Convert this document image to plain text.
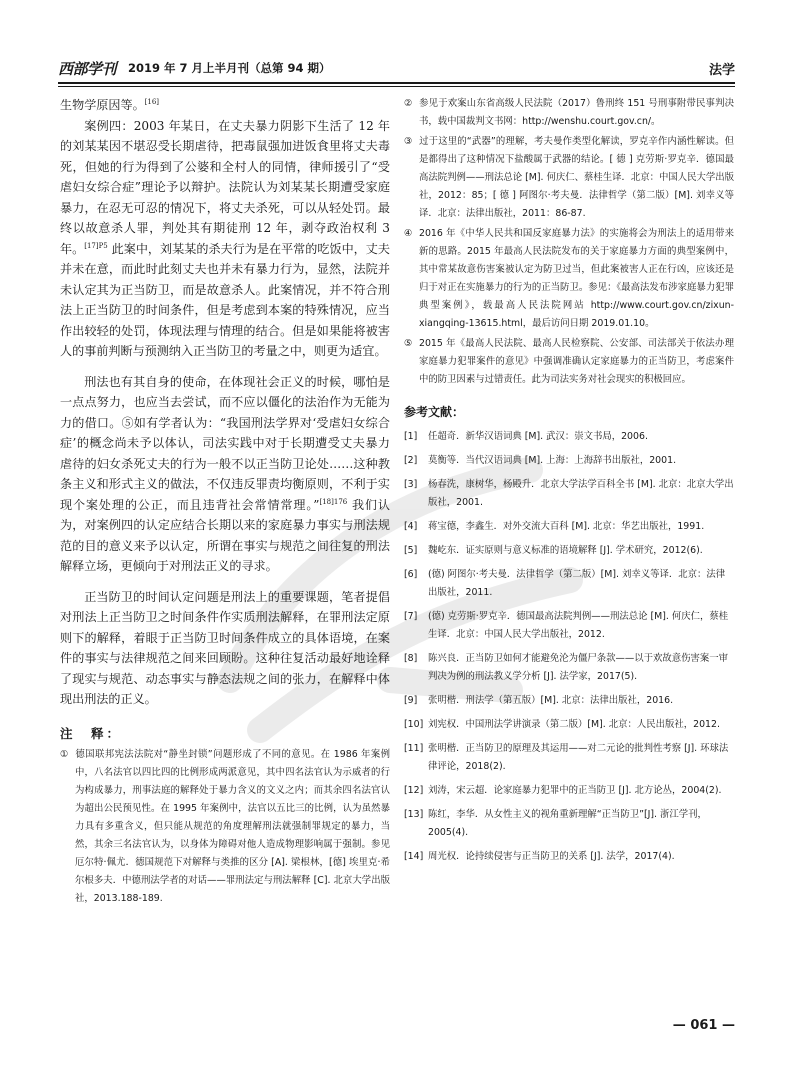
西部学刊 2019 年 7 月上半月刊（总第 94 期）	法学

生物学原因等。[16]

案例四：2003 年某日，在丈夫暴力阴影下生活了 12 年的刘某某因不堪忍受长期虐待，把毒鼠强加进饭食里将丈夫毒死，但她的行为得到了公婆和全村人的同情，律师援引了“受虐妇女综合症”理论予以辩护。法院认为刘某某长期遭受家庭暴力，在忍无可忍的情况下，将丈夫杀死，可以从轻处罚。最终以故意杀人罪，判处其有期徒刑 12 年，剥夺政治权利 3 年。$^{[17]P5}$ 此案中，刘某某的杀夫行为是在平常的吃饭中，丈夫并未在意，而此时此刻丈夫也并未有暴力行为，显然，法院并未认定其为正当防卫，而是故意杀人。此案情况，并不符合刑法上正当防卫的时间条件，但是考虑到本案的特殊情况，应当作出较轻的处罚，体现法理与情理的结合。但是如果能将被害人的事前判断与预测纳入正当防卫的考量之中，则更为适宜。

刑法也有其自身的使命，在体现社会正义的时候，哪怕是一点点努力，也应当去尝试，而不应以僵化的法治作为无能为力的借口。⑤如有学者认为：“我国刑法学界对‘受虐妇女综合症’的概念尚未予以体认，司法实践中对于长期遭受丈夫暴力虐待的妇女杀死丈夫的行为一般不以正当防卫论处……这种教条主义和形式主义的做法，不仅违反罪责均衡原则，不利于实现个案处理的公正，而且违背社会常情常理。”$^{[18]176}$ 我们认为，对案例四的认定应结合长期以来的家庭暴力事实与刑法规范的目的意义来予以认定，所谓在事实与规范之间往复的刑法解释立场，更倾向于对刑法正义的寻求。

正当防卫的时间认定问题是刑法上的重要课题，笔者提倡对刑法上正当防卫之时间条件作实质刑法解释，在罪刑法定原则下的解释，着眼于正当防卫时间条件成立的具体语境，在案件的事实与法律规范之间来回顾盼。这种往复活动最好地诠释了现实与规范、动态事实与静态法规之间的张力，在解释中体现出刑法的正义。

注　释：

① 德国联邦宪法法院对“静坐封锁”问题形成了不同的意见。在 1986 年案例中，八名法官以四比四的比例形成两派意见，其中四名法官认为示威者的行为构成暴力，刑事法庭的解释处于暴力含义的文义之内；而其余四名法官认为超出公民预见性。在 1995 年案例中，法官以五比三的比例，认为虽然暴力具有多重含义，但只能从规范的角度理解刑法就强制罪规定的暴力，当然，其余三名法官认为，以身体为障碍对他人造成物理影响属于强制。参见厄尔特·佩尤．德国规范下对解释与类推的区分 [A]. 梁根林，[德] 埃里克·希尔根多夫．中德刑法学者的对话——罪刑法定与刑法解释 [C]. 北京大学出版社，2013.188-189.

② 参见于欢案山东省高级人民法院（2017）鲁刑终 151 号刑事附带民事判决书，载中国裁判文书网：http://wenshu.court.gov.cn/。

③ 过于这里的“武器”的理解，考夫曼作类型化解读，罗克辛作内涵性解读。但是都得出了这种情况下盐酸属于武器的结论。[ 德 ] 克劳斯·罗克辛．德国最高法院判例——刑法总论 [M]. 何庆仁、蔡桂生译．北京：中国人民大学出版社，2012：85；[ 德 ] 阿图尔·考夫曼．法律哲学（第二版）[M]. 刘幸义等译．北京：法律出版社，2011：86-87.

④ 2016 年《中华人民共和国反家庭暴力法》的实施将会为刑法上的适用带来新的思路。2015 年最高人民法院发布的关于家庭暴力方面的典型案例中，其中常某故意伤害案被认定为防卫过当，但此案被害人正在行凶，应该还是归于对正在实施暴力的行为的正当防卫。参见：《最高法发布涉家庭暴力犯罪典型案例》，载最高人民法院网站 http://www.court.gov.cn/zixun-xiangqing-13615.html，最后访问日期 2019.01.10。

⑤ 2015 年《最高人民法院、最高人民检察院、公安部、司法部关于依法办理家庭暴力犯罪案件的意见》中强调准确认定家庭暴力的正当防卫，考虑案件中的防卫因素与过错责任。此为司法实务对社会现实的积极回应。

参考文献：

[1] 任超奇．新华汉语词典 [M]. 武汉：崇文书局，2006.

[2] 莫衡等．当代汉语词典 [M]. 上海：上海辞书出版社，2001.

[3] 杨春洗，康树华，杨殿升．北京大学法学百科全书 [M]. 北京：北京大学出版社，2001.

[4] 蒋宝德，李鑫生．对外交流大百科 [M]. 北京：华艺出版社，1991.

[5] 魏屹东．证实原则与意义标准的语境解释 [J]. 学术研究，2012(6).

[6] (德) 阿图尔·考夫曼．法律哲学（第二版）[M]. 刘幸义等译．北京：法律出版社，2011.

[7] (德) 克劳斯·罗克辛．德国最高法院判例——刑法总论 [M]. 何庆仁，蔡桂生译．北京：中国人民大学出版社，2012.

[8] 陈兴良．正当防卫如何才能避免沦为僵尸条款——以于欢故意伤害案一审判决为例的刑法教义学分析 [J]. 法学家，2017(5).

[9] 张明楷．刑法学（第五版）[M]. 北京：法律出版社，2016.

[10] 刘宪权．中国刑法学讲演录（第二版）[M]. 北京：人民出版社，2012.

[11] 张明楷．正当防卫的原理及其运用——对二元论的批判性考察 [J]. 环球法律评论，2018(2).

[12] 刘涛，宋云超．论家庭暴力犯罪中的正当防卫 [J]. 北方论丛，2004(2).

[13] 陈红，李华．从女性主义的视角重新理解“正当防卫”[J]. 浙江学刊，2005(4).

[14] 周光权．论持续侵害与正当防卫的关系 [J]. 法学，2017(4).

— 061 —
